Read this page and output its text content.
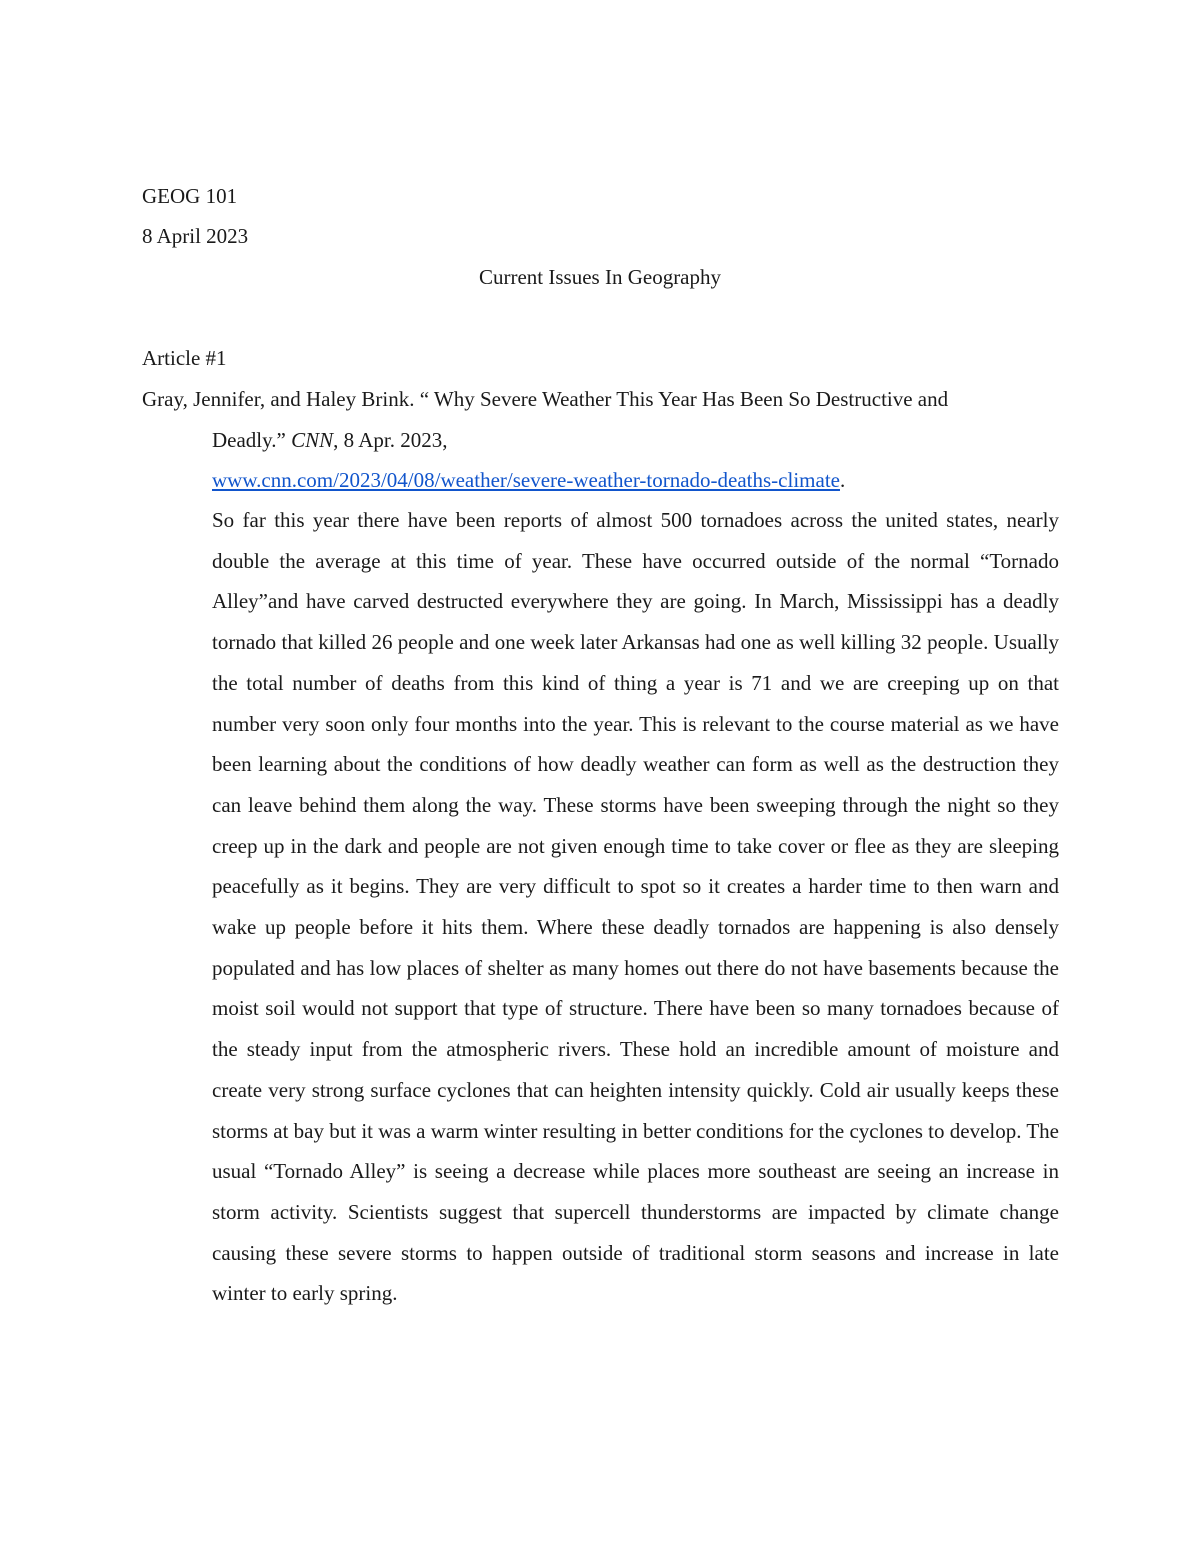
GEOG 101
8 April 2023
Current Issues In Geography
Article #1
Gray, Jennifer, and Haley Brink. “ Why Severe Weather This Year Has Been So Destructive and
Deadly.” CNN, 8 Apr. 2023,
www.cnn.com/2023/04/08/weather/severe-weather-tornado-deaths-climate.

So far this year there have been reports of almost 500 tornadoes across the united states, nearly double the average at this time of year. These have occurred outside of the normal “Tornado Alley”and have carved destructed everywhere they are going. In March, Mississippi has a deadly tornado that killed 26 people and one week later Arkansas had one as well killing 32 people. Usually the total number of deaths from this kind of thing a year is 71 and we are creeping up on that number very soon only four months into the year. This is relevant to the course material as we have been learning about the conditions of how deadly weather can form as well as the destruction they can leave behind them along the way. These storms have been sweeping through the night so they creep up in the dark and people are not given enough time to take cover or flee as they are sleeping peacefully as it begins. They are very difficult to spot so it creates a harder time to then warn and wake up people before it hits them. Where these deadly tornados are happening is also densely populated and has low places of shelter as many homes out there do not have basements because the moist soil would not support that type of structure. There have been so many tornadoes because of the steady input from the atmospheric rivers. These hold an incredible amount of moisture and create very strong surface cyclones that can heighten intensity quickly. Cold air usually keeps these storms at bay but it was a warm winter resulting in better conditions for the cyclones to develop. The usual “Tornado Alley” is seeing a decrease while places more southeast are seeing an increase in storm activity. Scientists suggest that supercell thunderstorms are impacted by climate change causing these severe storms to happen outside of traditional storm seasons and increase in late winter to early spring.
